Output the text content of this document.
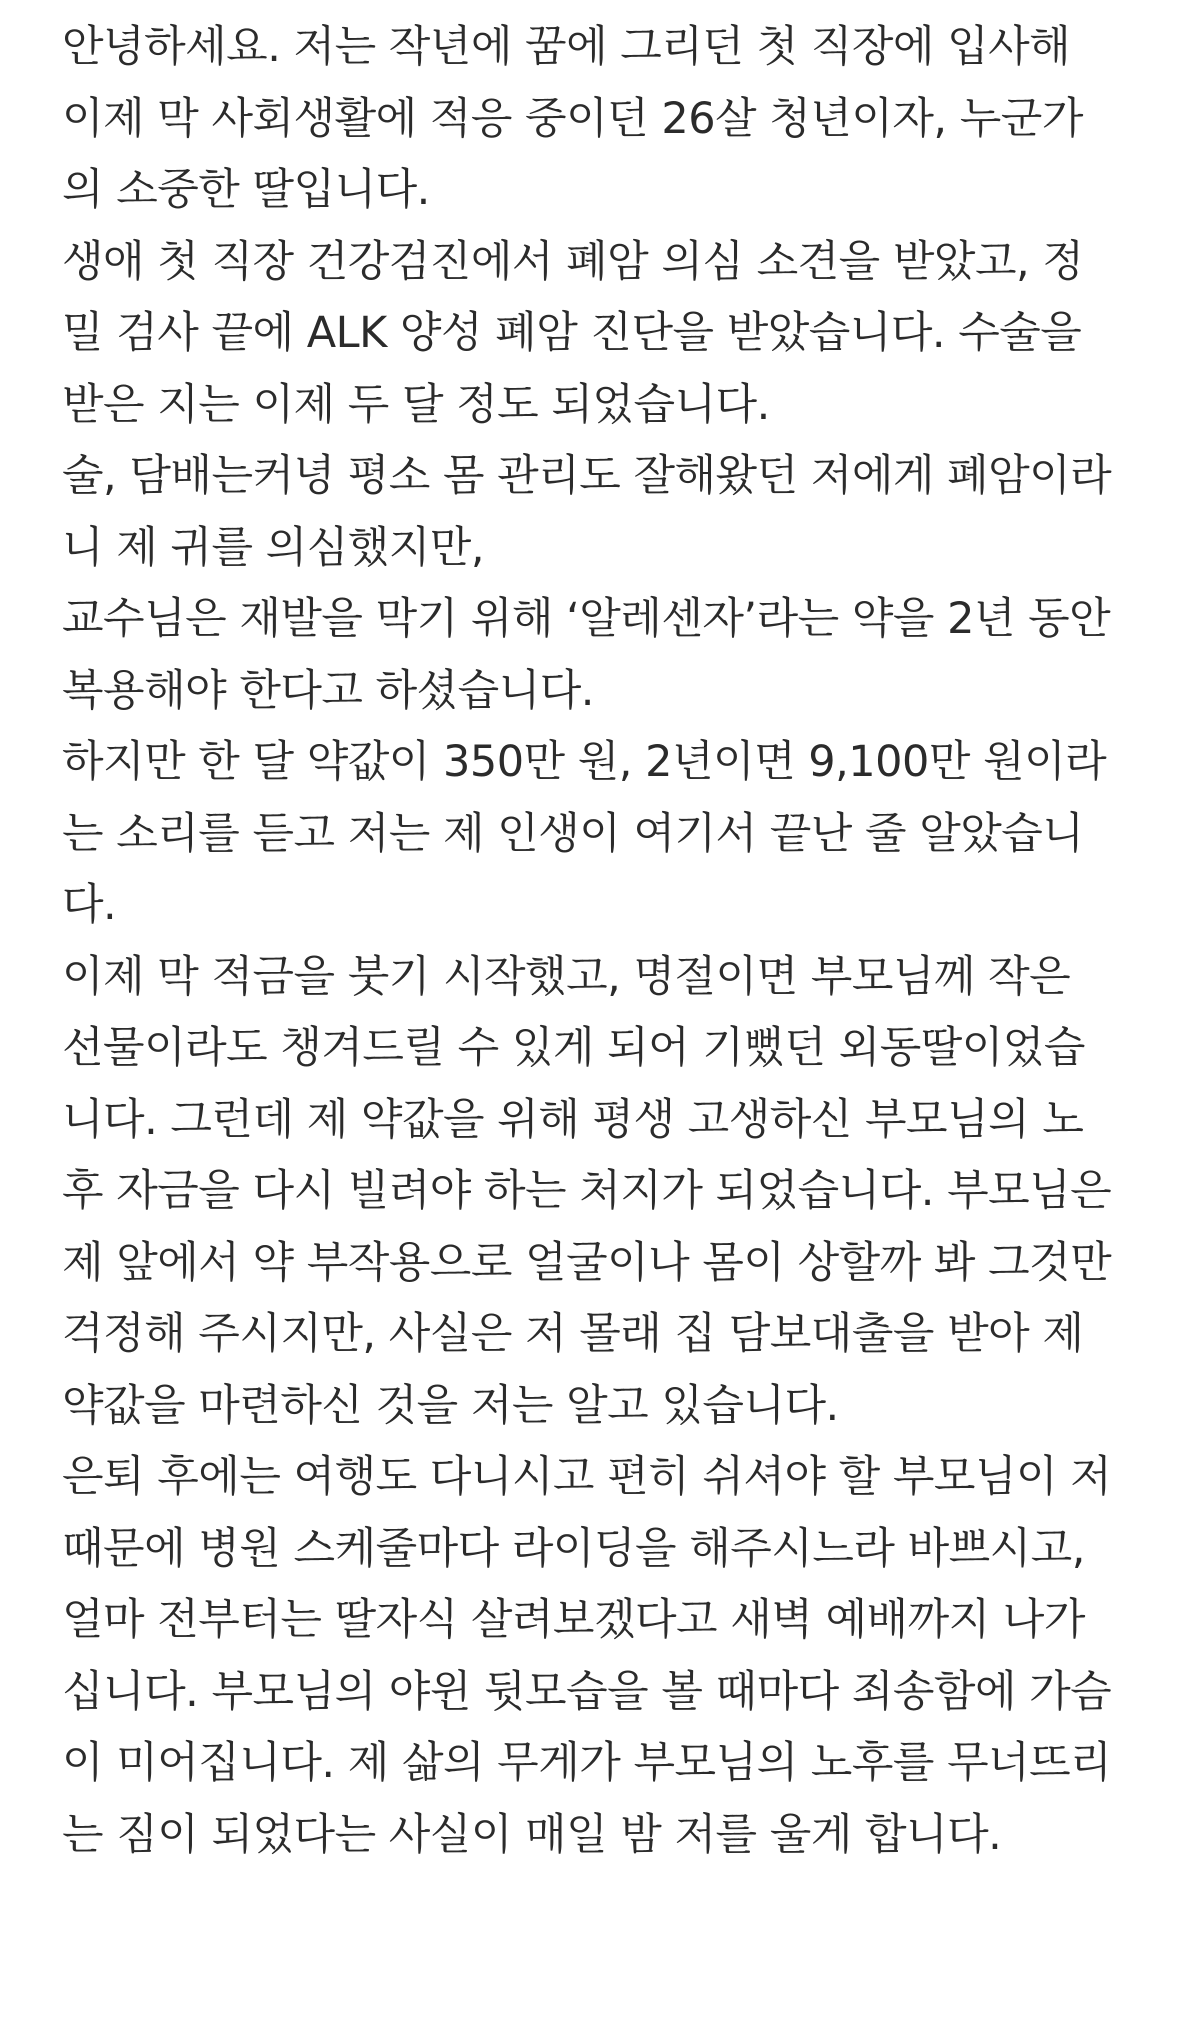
안녕하세요. 저는 작년에 꿈에 그리던 첫 직장에 입사해
이제 막 사회생활에 적응 중이던 26살 청년이자, 누군가
의 소중한 딸입니다.
생애 첫 직장 건강검진에서 폐암 의심 소견을 받았고, 정
밀 검사 끝에 ALK 양성 폐암 진단을 받았습니다. 수술을
받은 지는 이제 두 달 정도 되었습니다.
술, 담배는커녕 평소 몸 관리도 잘해왔던 저에게 폐암이라
니 제 귀를 의심했지만,
교수님은 재발을 막기 위해 ‘알레센자’라는 약을 2년 동안
복용해야 한다고 하셨습니다.
하지만 한 달 약값이 350만 원, 2년이면 9,100만 원이라
는 소리를 듣고 저는 제 인생이 여기서 끝난 줄 알았습니
다.
이제 막 적금을 붓기 시작했고, 명절이면 부모님께 작은
선물이라도 챙겨드릴 수 있게 되어 기뻤던 외동딸이었습
니다. 그런데 제 약값을 위해 평생 고생하신 부모님의 노
후 자금을 다시 빌려야 하는 처지가 되었습니다. 부모님은
제 앞에서 약 부작용으로 얼굴이나 몸이 상할까 봐 그것만
걱정해 주시지만, 사실은 저 몰래 집 담보대출을 받아 제
약값을 마련하신 것을 저는 알고 있습니다.
은퇴 후에는 여행도 다니시고 편히 쉬셔야 할 부모님이 저
때문에 병원 스케줄마다 라이딩을 해주시느라 바쁘시고,
얼마 전부터는 딸자식 살려보겠다고 새벽 예배까지 나가
십니다. 부모님의 야윈 뒷모습을 볼 때마다 죄송함에 가슴
이 미어집니다. 제 삶의 무게가 부모님의 노후를 무너뜨리
는 짐이 되었다는 사실이 매일 밤 저를 울게 합니다.
